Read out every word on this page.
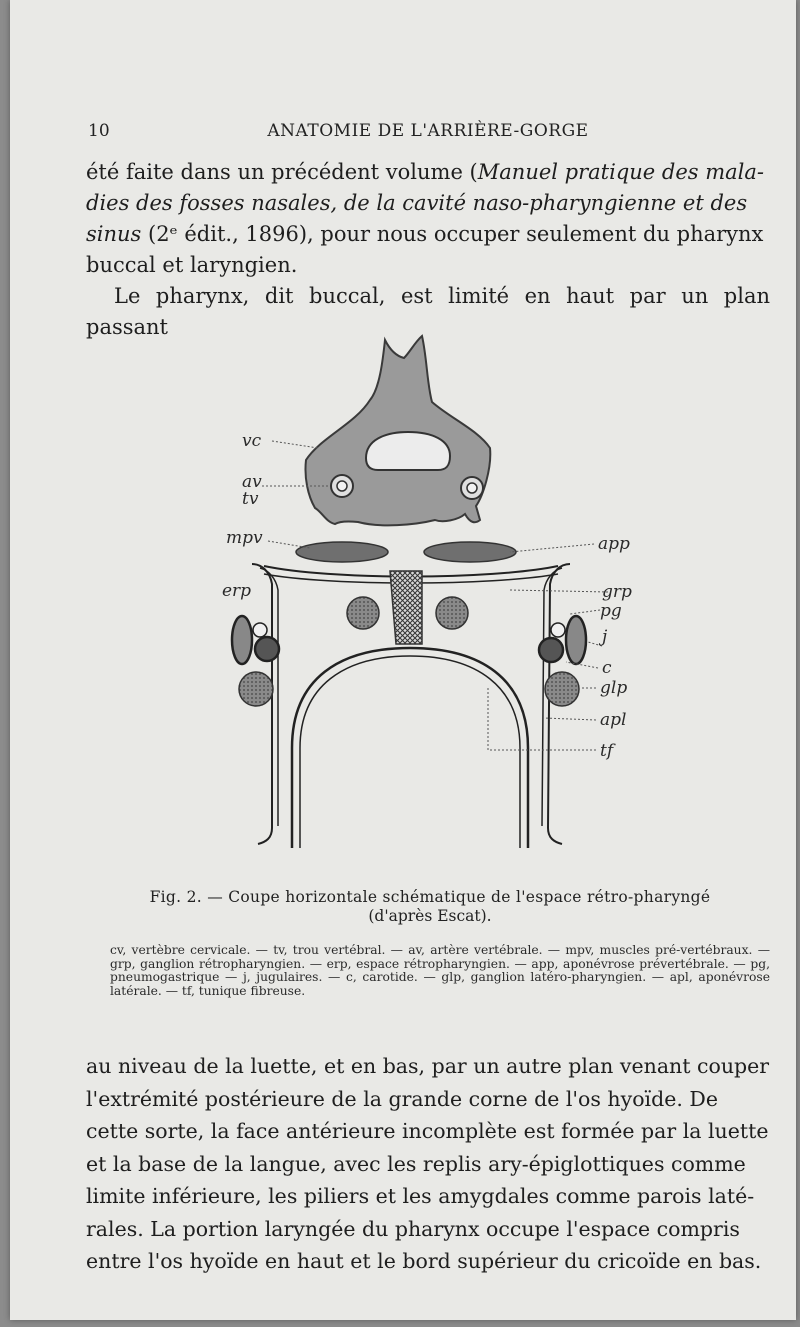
10	ANATOMIE DE L'ARRIÈRE-GORGE

été faite dans un précédent volume (Manuel pratique des mala-

dies des fosses nasales, de la cavité naso-pharyngienne et des

sinus (2ᵉ édit., 1896), pour nous occuper seulement du pharynx

buccal et laryngien.

Le pharynx, dit buccal, est limité en haut par un plan passant

vc
av
tv
mpv
erp
app
grp
pg
j
c
glp
apl
tf
Fig. 2. — Coupe horizontale schématique de l'espace rétro-pharyngé
(d'après Escat).

cv, vertèbre cervicale. — tv, trou vertébral. — av, artère vertébrale. — mpv, muscles pré-vertébraux. — grp, ganglion rétropharyngien. — erp, espace rétropharyngien. — app, aponévrose prévertébrale. — pg, pneumogastrique — j, jugulaires. — c, carotide. — glp, ganglion latéro-pharyngien. — apl, aponévrose latérale. — tf, tunique fibreuse.

au niveau de la luette, et en bas, par un autre plan venant couper

l'extrémité postérieure de la grande corne de l'os hyoïde. De

cette sorte, la face antérieure incomplète est formée par la luette

et la base de la langue, avec les replis ary-épiglottiques comme

limite inférieure, les piliers et les amygdales comme parois laté-

rales. La portion laryngée du pharynx occupe l'espace compris

entre l'os hyoïde en haut et le bord supérieur du cricoïde en bas.
